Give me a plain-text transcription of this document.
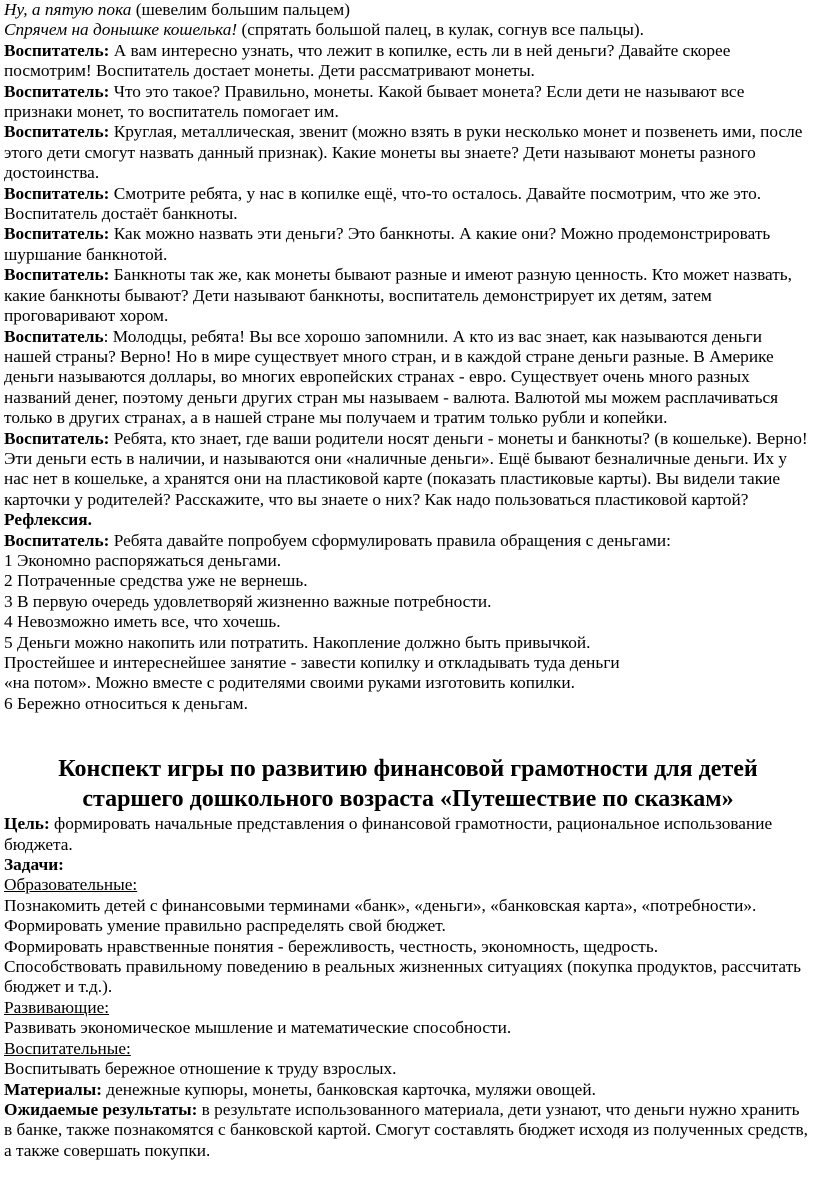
Ну, а пятую пока (шевелим большим пальцем)

Спрячем на донышке кошелька! (спрятать большой палец, в кулак, согнув все пальцы).

Воспитатель: А вам интересно узнать, что лежит в копилке, есть ли в ней деньги? Давайте скорее посмотрим! Воспитатель достает монеты. Дети рассматривают монеты.

Воспитатель: Что это такое? Правильно, монеты. Какой бывает монета? Если дети не называют все признаки монет, то воспитатель помогает им.

Воспитатель: Круглая, металлическая, звенит (можно взять в руки несколько монет и позвенеть ими, после этого дети смогут назвать данный признак). Какие монеты вы знаете? Дети называют монеты разного достоинства.

Воспитатель: Смотрите ребята, у нас в копилке ещё, что-то осталось. Давайте посмотрим, что же это. Воспитатель достаёт банкноты.

Воспитатель: Как можно назвать эти деньги? Это банкноты. А какие они? Можно продемонстрировать шуршание банкнотой.

Воспитатель: Банкноты так же, как монеты бывают разные и имеют разную ценность. Кто может назвать, какие банкноты бывают? Дети называют банкноты, воспитатель демонстрирует их детям, затем проговаривают хором.

Воспитатель: Молодцы, ребята! Вы все хорошо запомнили. А кто из вас знает, как называются деньги нашей страны? Верно! Но в мире существует много стран, и в каждой стране деньги разные. В Америке деньги называются доллары, во многих европейских странах - евро. Существует очень много разных названий денег, поэтому деньги других стран мы называем - валюта. Валютой мы можем расплачиваться только в других странах, а в нашей стране мы получаем и тратим только рубли и копейки.

Воспитатель: Ребята, кто знает, где ваши родители носят деньги - монеты и банкноты? (в кошельке). Верно! Эти деньги есть в наличии, и называются они «наличные деньги». Ещё бывают безналичные деньги. Их у нас нет в кошельке, а хранятся они на пластиковой карте (показать пластиковые карты). Вы видели такие карточки у родителей? Расскажите, что вы знаете о них? Как надо пользоваться пластиковой картой?

Рефлексия.

Воспитатель: Ребята давайте попробуем сформулировать правила обращения с деньгами:

1 Экономно распоряжаться деньгами.

2 Потраченные средства уже не вернешь.

3 В первую очередь удовлетворяй жизненно важные потребности.

4 Невозможно иметь все, что хочешь.

5 Деньги можно накопить или потратить. Накопление должно быть привычкой.

Простейшее и интереснейшее занятие - завести копилку и откладывать туда деньги

«на потом». Можно вместе с родителями своими руками изготовить копилки.

6 Бережно относиться к деньгам.

Конспект игры по развитию финансовой грамотности для детей
старшего дошкольного возраста «Путешествие по сказкам»

Цель: формировать начальные представления о финансовой грамотности, рациональное использование бюджета.

Задачи:

Образовательные:

Познакомить детей с финансовыми терминами «банк», «деньги», «банковская карта», «потребности».

Формировать умение правильно распределять свой бюджет.

Формировать нравственные понятия - бережливость, честность, экономность, щедрость.

Способствовать правильному поведению в реальных жизненных ситуациях (покупка продуктов, рассчитать бюджет и т.д.).

Развивающие:

Развивать экономическое мышление и математические способности.

Воспитательные:

Воспитывать бережное отношение к труду взрослых.

Материалы: денежные купюры, монеты, банковская карточка, муляжи овощей.

Ожидаемые результаты: в результате использованного материала, дети узнают, что деньги нужно хранить в банке, также познакомятся с банковской картой. Смогут составлять бюджет исходя из полученных средств, а также совершать покупки.
